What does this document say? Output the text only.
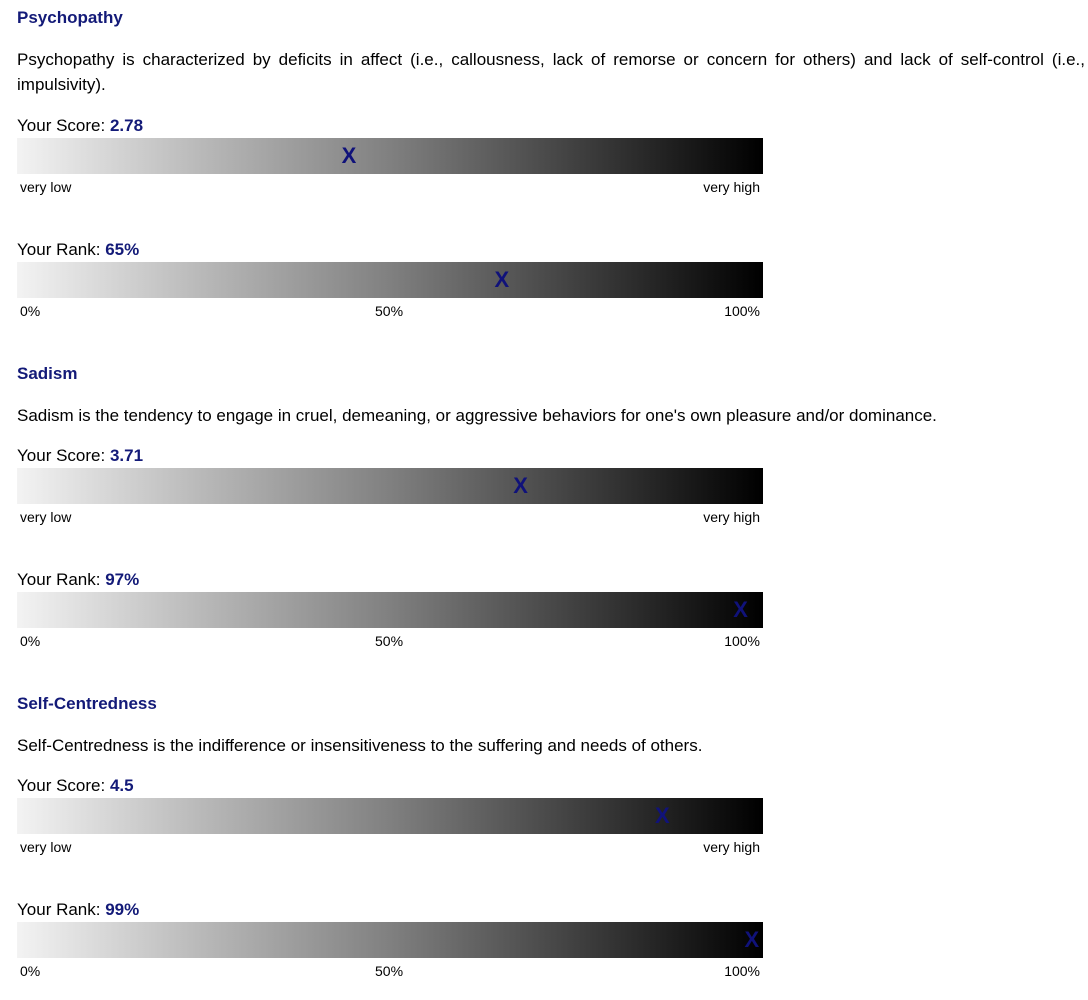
Psychopathy

Psychopathy is characterized by deficits in affect (i.e., callousness, lack of remorse or concern for others) and lack of self-control (i.e., impulsivity).

Your Score: 2.78
X
very low	very high
Your Rank: 65%
X
0%	50%	100%
Sadism

Sadism is the tendency to engage in cruel, demeaning, or aggressive behaviors for one's own pleasure and/or dominance.

Your Score: 3.71
X
very low	very high
Your Rank: 97%
X
0%	50%	100%
Self-Centredness

Self-Centredness is the indifference or insensitiveness to the suffering and needs of others.

Your Score: 4.5
X
very low	very high
Your Rank: 99%
X
0%	50%	100%
